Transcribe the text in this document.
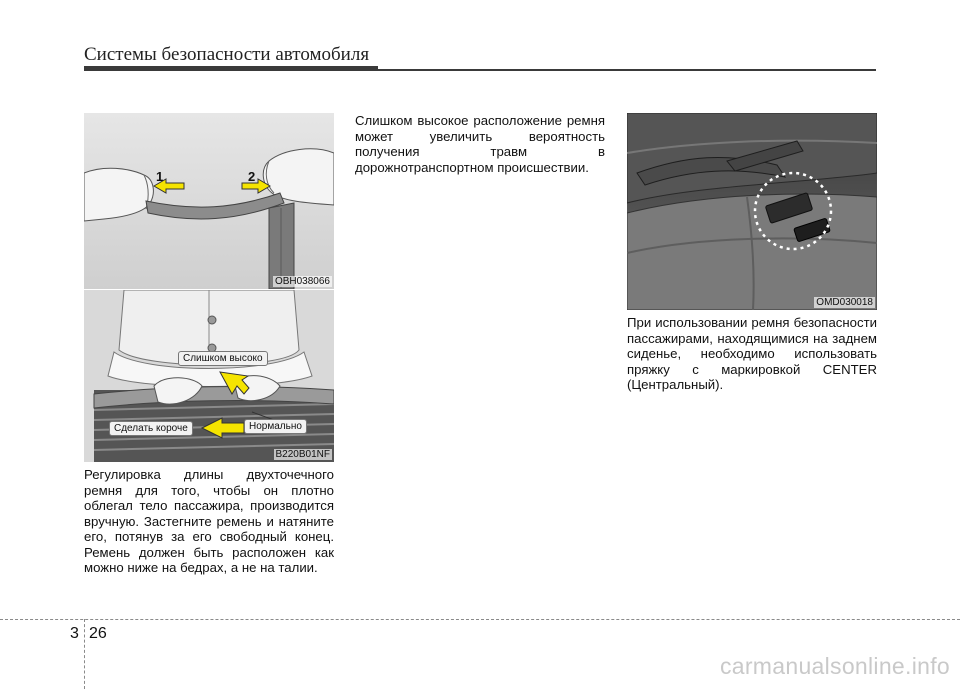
Системы безопасности автомобиля
1	2
OBH038066
Слишком высоко
Сделать короче	Нормально
B220B01NF

Регулировка длины двухточечного ремня для того, чтобы он плотно облегал тело пассажира, производится вручную. Застегните ремень и натяните его, потянув за его свободный конец. Ремень должен быть расположен как можно ниже на бедрах, а не на талии.

Слишком высокое расположение ремня может увеличить вероятность получения травм в дорожнотранспортном происшествии.

OMD030018

При использовании ремня безопасности пассажирами, находящимися на заднем сиденье, необходимо использовать пряжку с маркировкой CENTER (Центральный).

3 26
carmanualsonline.info
